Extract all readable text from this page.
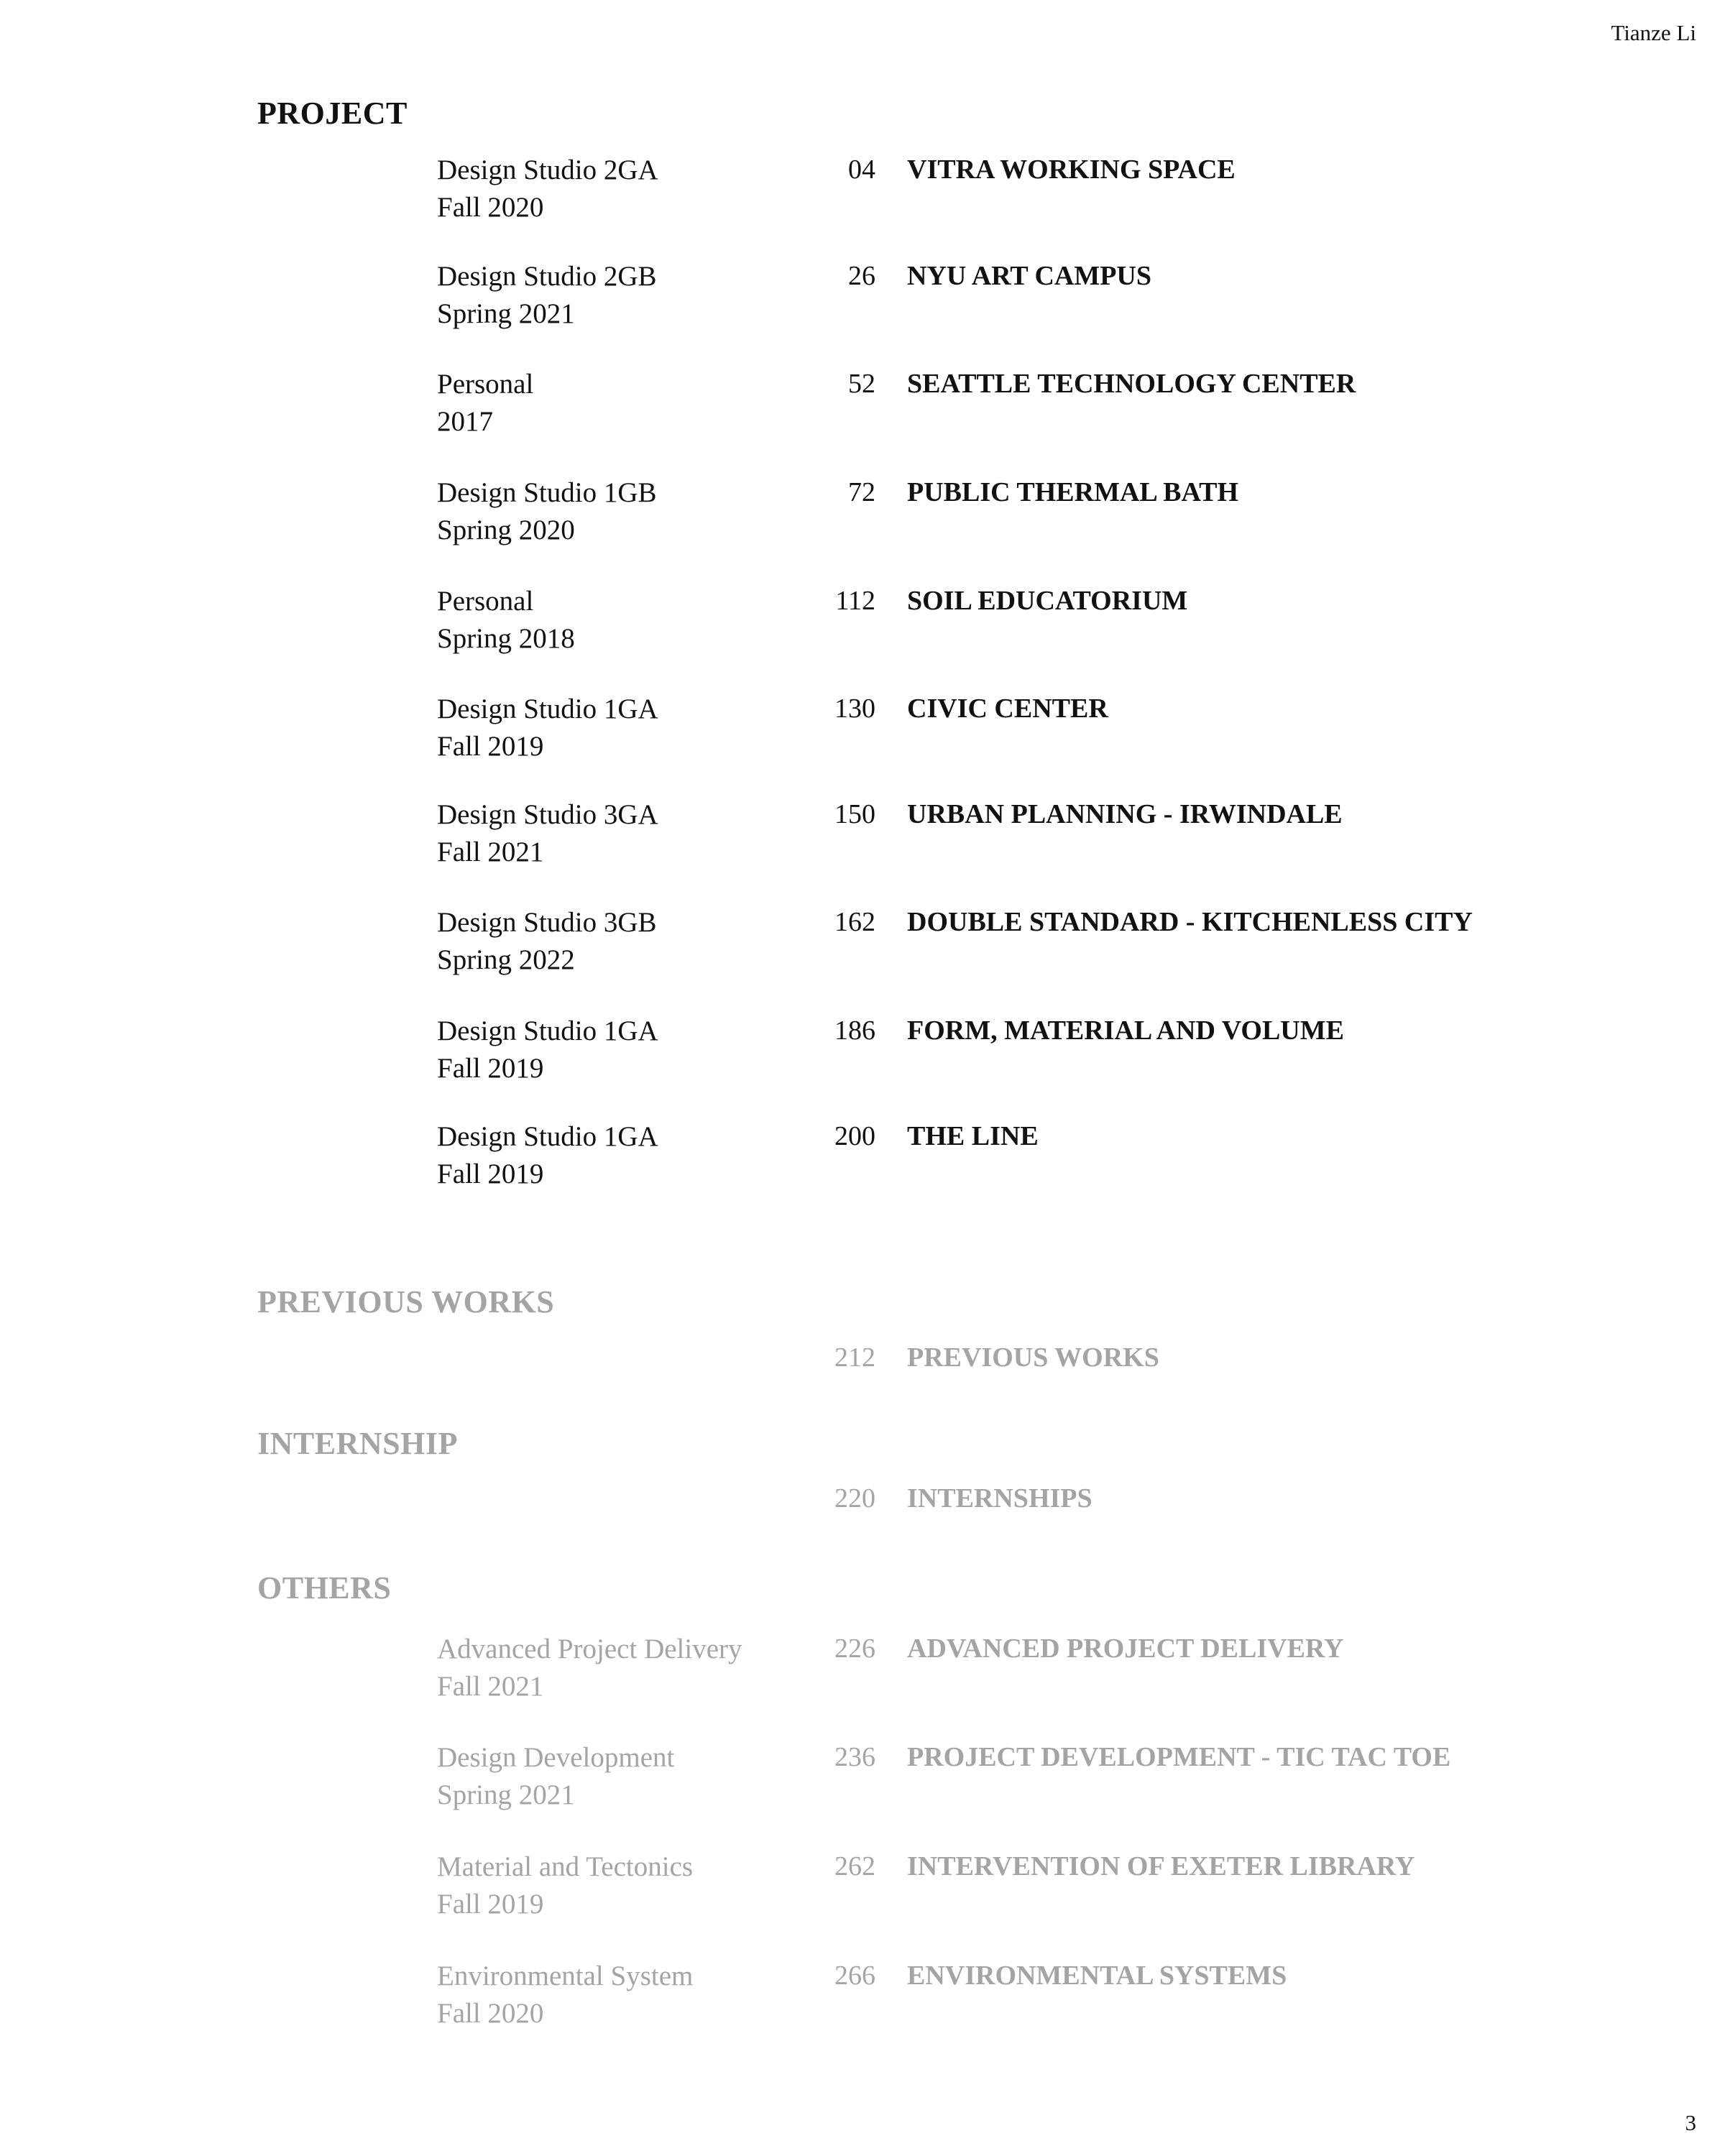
Tianze Li
PROJECT
Design Studio 2GA
Fall 2020
04 VITRA WORKING SPACE
Design Studio 2GB
Spring 2021
26 NYU ART CAMPUS
Personal
2017
52 SEATTLE TECHNOLOGY CENTER
Design Studio 1GB
Spring 2020
72 PUBLIC THERMAL BATH
Personal
Spring 2018
112 SOIL EDUCATORIUM
Design Studio 1GA
Fall 2019
130 CIVIC CENTER
Design Studio 3GA
Fall 2021
150 URBAN PLANNING - IRWINDALE
Design Studio 3GB
Spring 2022
162 DOUBLE STANDARD - KITCHENLESS CITY
Design Studio 1GA
Fall 2019
186 FORM, MATERIAL AND VOLUME
Design Studio 1GA
Fall 2019
200 THE LINE
PREVIOUS WORKS
212 PREVIOUS WORKS
INTERNSHIP
220 INTERNSHIPS
OTHERS
Advanced Project Delivery
Fall 2021
226 ADVANCED PROJECT DELIVERY
Design Development
Spring 2021
236 PROJECT DEVELOPMENT - TIC TAC TOE
Material and Tectonics
Fall 2019
262 INTERVENTION OF EXETER LIBRARY
Environmental System
Fall 2020
266 ENVIRONMENTAL SYSTEMS
3
